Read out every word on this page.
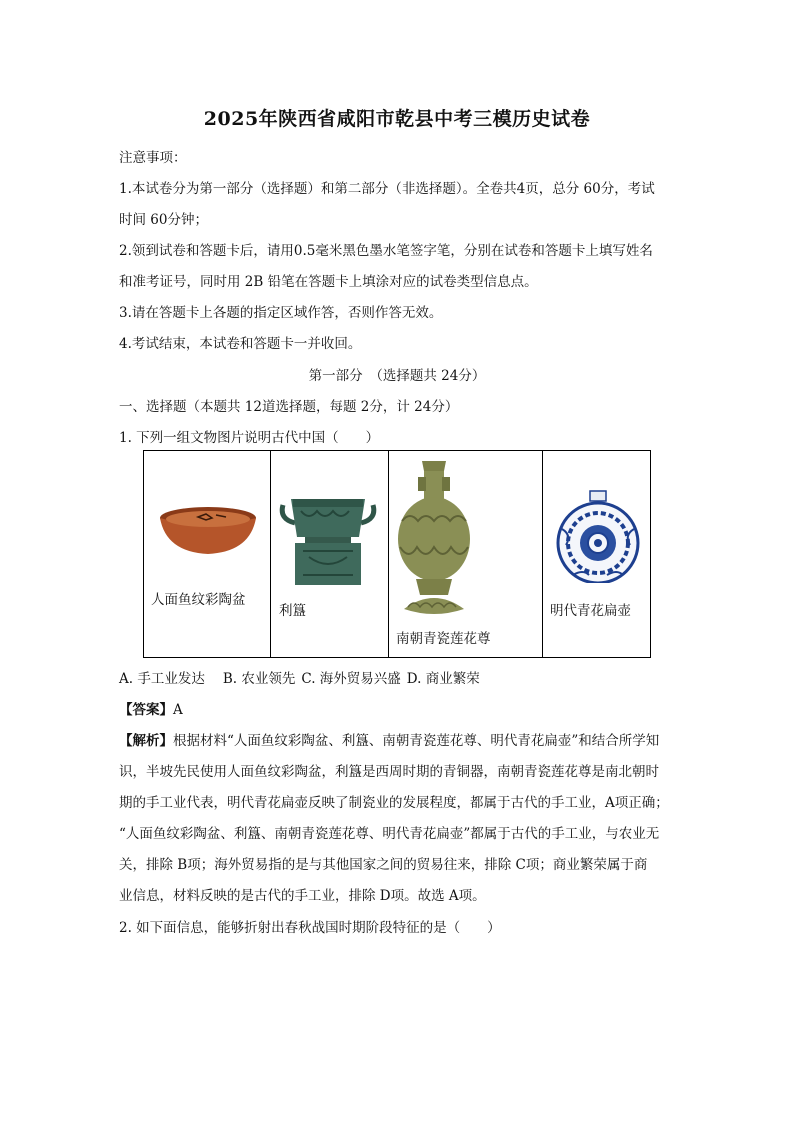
2025年陕西省咸阳市乾县中考三模历史试卷
注意事项：
1.本试卷分为第一部分（选择题）和第二部分（非选择题）。全卷共4页，总分 60分，考试
时间 60分钟；
2.领到试卷和答题卡后，请用0.5毫米黑色墨水笔签字笔，分别在试卷和答题卡上填写姓名
和准考证号，同时用 2B 铅笔在答题卡上填涂对应的试卷类型信息点。
3.请在答题卡上各题的指定区域作答，否则作答无效。
4.考试结束，本试卷和答题卡一并收回。
第一部分　（选择题共 24分）
一、选择题（本题共 12道选择题，每题 2分，计 24分）
1. 下列一组文物图片说明古代中国（　　）
人面鱼纹彩陶盆

利簋

南朝青瓷莲花尊

明代青花扁壶
A. 手工业发达 B. 农业领先 C. 海外贸易兴盛 D. 商业繁荣
【答案】A
【解析】根据材料“人面鱼纹彩陶盆、利簋、南朝青瓷莲花尊、明代青花扁壶”和结合所学知
识，半坡先民使用人面鱼纹彩陶盆，利簋是西周时期的青铜器，南朝青瓷莲花尊是南北朝时
期的手工业代表，明代青花扁壶反映了制瓷业的发展程度，都属于古代的手工业，A项正确；
“人面鱼纹彩陶盆、利簋、南朝青瓷莲花尊、明代青花扁壶”都属于古代的手工业，与农业无
关，排除 B项；海外贸易指的是与其他国家之间的贸易往来，排除 C项；商业繁荣属于商
业信息，材料反映的是古代的手工业，排除 D项。故选 A项。
2. 如下面信息，能够折射出春秋战国时期阶段特征的是（　　）
